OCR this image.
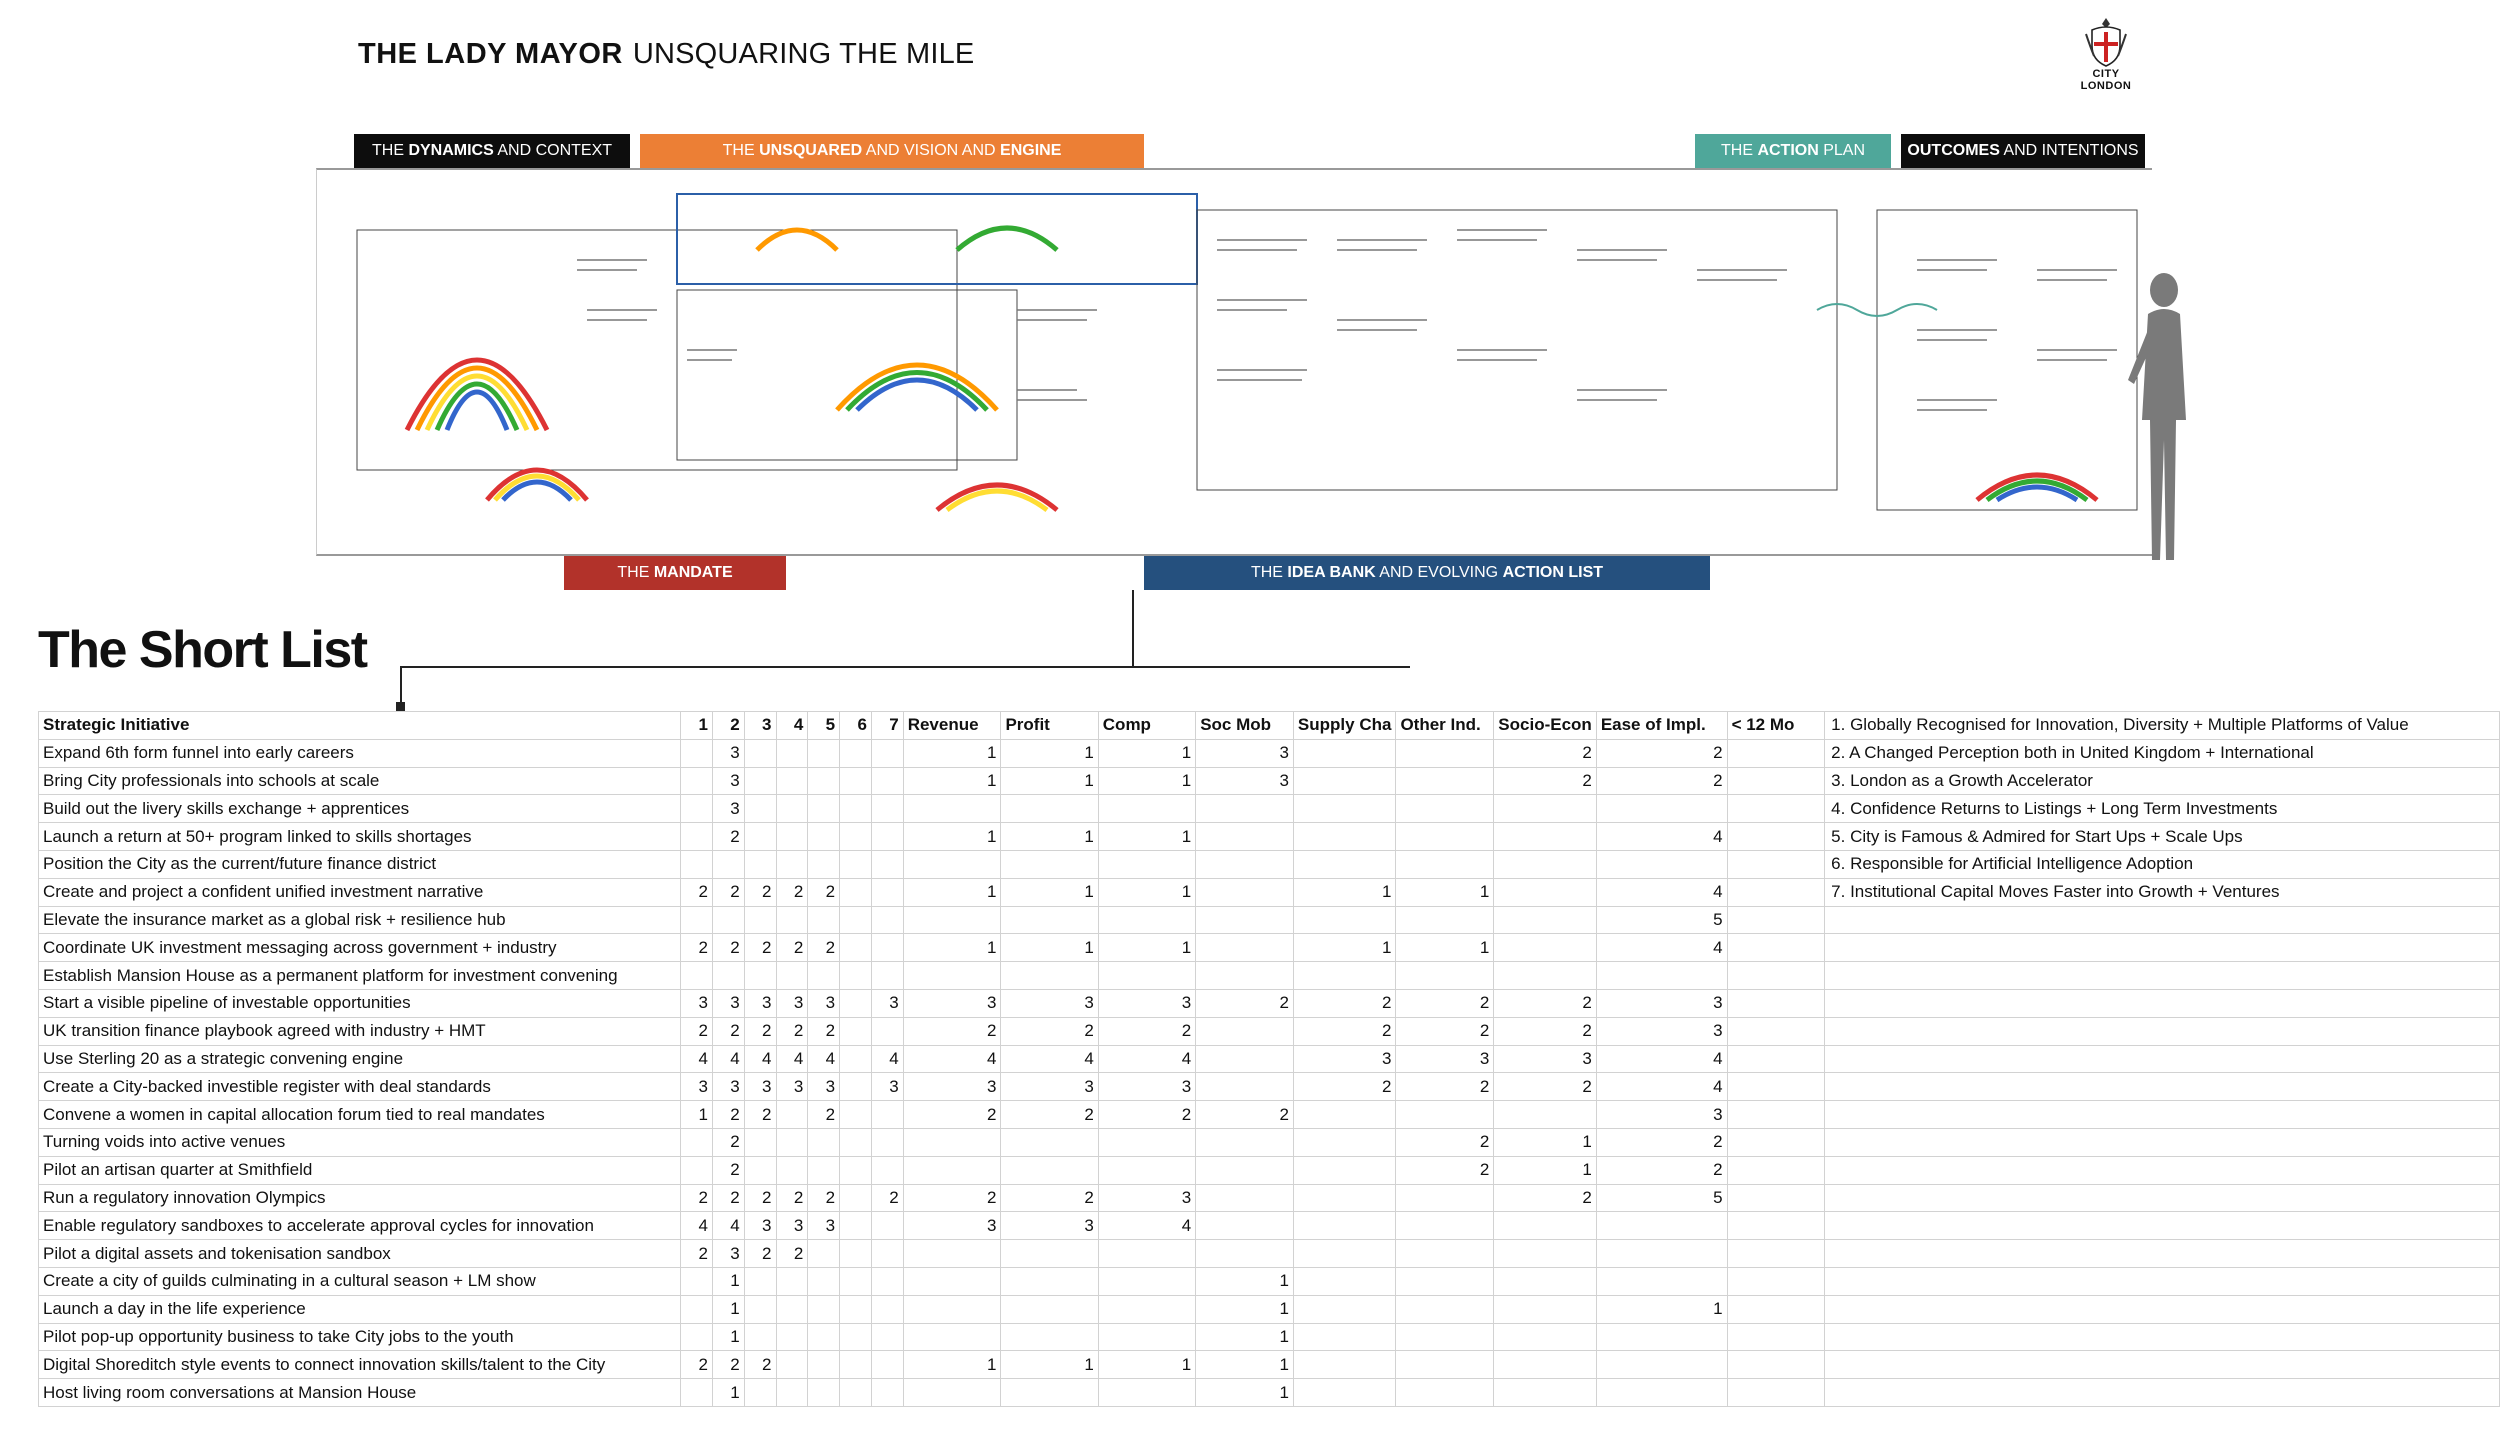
THE LADY MAYOR UNSQUARING THE MILE
CITY
LONDON
THE DYNAMICS AND CONTEXT	THE UNSQUARED AND VISION AND ENGINE	THE ACTION PLAN	OUTCOMES AND INTENTIONS
THE MANDATE	THE IDEA BANK AND EVOLVING ACTION LIST
The Short List
Strategic Initiative	1	2	3	4	5	6	7	Revenue	Profit	Comp	Soc Mob	Supply Cha	Other Ind.	Socio-Econ	Ease of Impl.	< 12 Mo	1. Globally Recognised for Innovation, Diversity + Multiple Platforms of Value
Expand 6th form funnel into early careers		3						1	1	1	3			2	2		2. A Changed Perception both in United Kingdom + International
Bring City professionals into schools at scale		3						1	1	1	3			2	2		3. London as a Growth Accelerator
Build out the livery skills exchange + apprentices		3															4. Confidence Returns to Listings + Long Term Investments
Launch a return at 50+ program linked to skills shortages		2						1	1	1					4		5. City is Famous & Admired for Start Ups + Scale Ups
Position the City as the current/future finance district																	6. Responsible for Artificial Intelligence Adoption
Create and project a confident unified investment narrative	2	2	2	2	2			1	1	1		1	1		4		7. Institutional Capital Moves Faster into Growth + Ventures
Elevate the insurance market as a global risk + resilience hub															5		
Coordinate UK investment messaging across government + industry	2	2	2	2	2			1	1	1		1	1		4		
Establish Mansion House as a permanent platform for investment convening																	
Start a visible pipeline of investable opportunities	3	3	3	3	3		3	3	3	3	2	2	2	2	3		
UK transition finance playbook agreed with industry + HMT	2	2	2	2	2			2	2	2		2	2	2	3		
Use Sterling 20 as a strategic convening engine	4	4	4	4	4		4	4	4	4		3	3	3	4		
Create a City-backed investible register with deal standards	3	3	3	3	3		3	3	3	3		2	2	2	4		
Convene a women in capital allocation forum tied to real mandates	1	2	2		2			2	2	2	2				3		
Turning voids into active venues		2											2	1	2		
Pilot an artisan quarter at Smithfield		2											2	1	2		
Run a regulatory innovation Olympics	2	2	2	2	2		2	2	2	3				2	5		
Enable regulatory sandboxes to accelerate approval cycles for innovation	4	4	3	3	3			3	3	4							
Pilot a digital assets and tokenisation sandbox	2	3	2	2													
Create a city of guilds culminating in a cultural season + LM show		1									1						
Launch a day in the life experience		1									1				1		
Pilot pop-up opportunity business to take City jobs to the youth		1									1						
Digital Shoreditch style events to connect innovation skills/talent to the City	2	2	2					1	1	1	1						
Host living room conversations at Mansion House		1									1						
